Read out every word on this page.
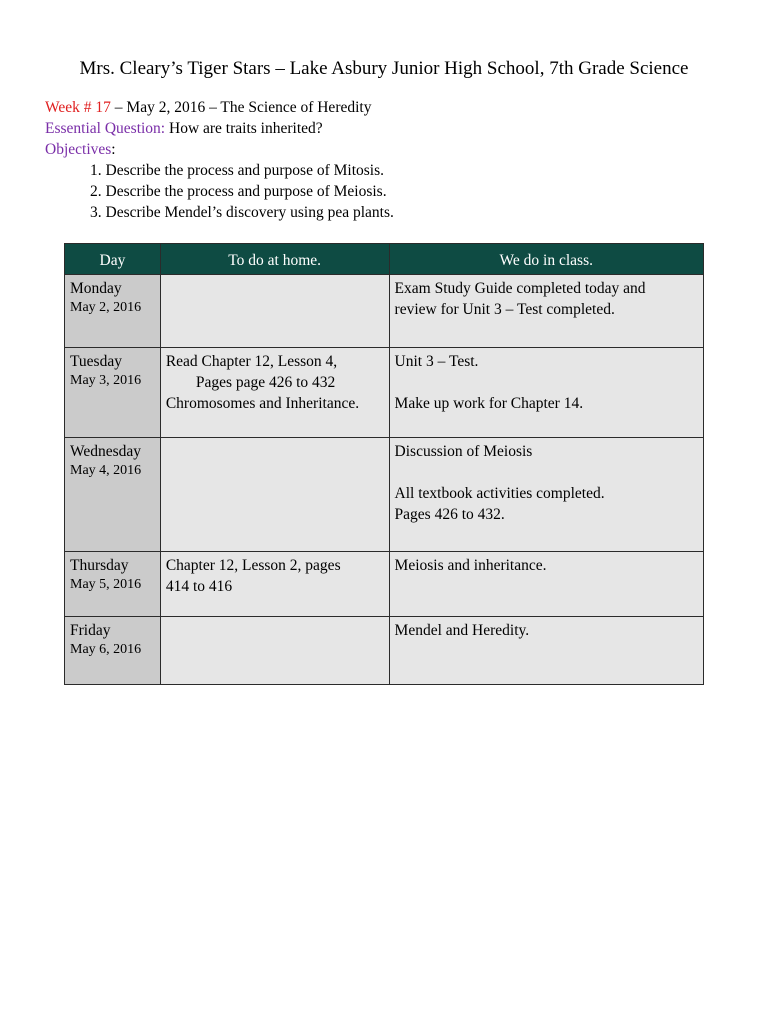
Mrs. Cleary’s Tiger Stars – Lake Asbury Junior High School, 7th Grade Science
Week # 17 – May 2, 2016 – The Science of Heredity
Essential Question: How are traits inherited?
Objectives:
1. Describe the process and purpose of Mitosis.
2. Describe the process and purpose of Meiosis.
3. Describe Mendel’s discovery using pea plants.
Day	To do at home.	We do in class.

Monday
May 2, 2016		Exam Study Guide completed today and
review for Unit 3 – Test completed.

Tuesday
May 3, 2016	Read Chapter 12, Lesson 4,
Pages page 426 to 432
Chromosomes and Inheritance.	Unit 3 – Test.
Make up work for Chapter 14.

Wednesday
May 4, 2016		Discussion of Meiosis
All textbook activities completed.
Pages 426 to 432.

Thursday
May 5, 2016	Chapter 12, Lesson 2, pages
414 to 416	Meiosis and inheritance.

Friday
May 6, 2016		Mendel and Heredity.
